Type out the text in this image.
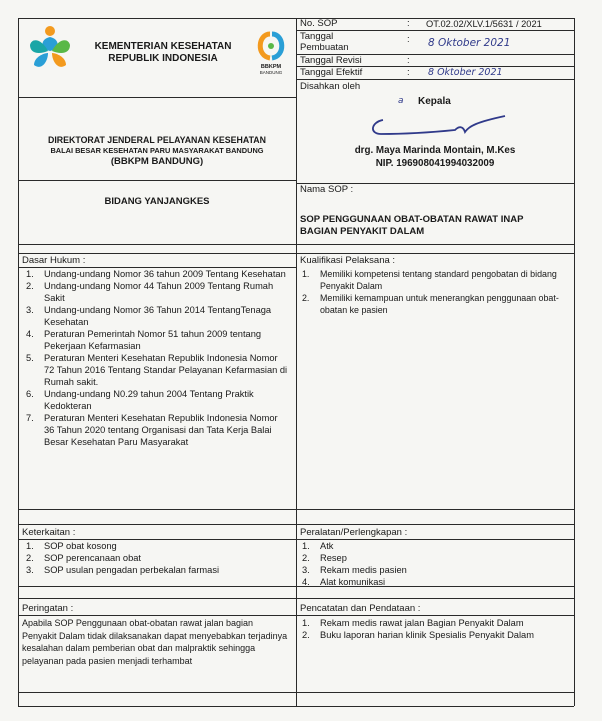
KEMENTERIAN KESEHATAN
REPUBLIK INDONESIA
BBKPM
BANDUNG
DIREKTORAT JENDERAL PELAYANAN KESEHATAN
BALAI BESAR KESEHATAN PARU MASYARAKAT BANDUNG
(BBKPM BANDUNG)
BIDANG YANJANGKES
No. SOP	: OT.02.02/XLV.1/5631 / 2021
Tanggal
Pembuatan
: 8 Oktober 2021
Tanggal Revisi	:
Tanggal Efektif	: 8 Oktober 2021
Disahkan oleh
a Kepala
drg. Maya Marinda Montain, M.Kes
NIP. 196908041994032009
Nama SOP :
SOP PENGGUNAAN OBAT-OBATAN RAWAT INAP
BAGIAN PENYAKIT DALAM
Dasar Hukum :
1.	Undang-undang Nomor 36 tahun 2009 Tentang Kesehatan
2.	Undang-undang Nomor 44 Tahun 2009 Tentang Rumah Sakit
3.	Undang-undang Nomor 36 Tahun 2014 TentangTenaga Kesehatan
4.	Peraturan Pemerintah Nomor 51 tahun 2009 tentang Pekerjaan Kefarmasian
5.	Peraturan Menteri Kesehatan Republik Indonesia Nomor 72 Tahun 2016 Tentang Standar Pelayanan Kefarmasian di Rumah sakit.
6.	Undang-undang N0.29 tahun 2004 Tentang Praktik Kedokteran
7.	Peraturan Menteri Kesehatan Republik Indonesia Nomor 36 Tahun 2020 tentang Organisasi dan Tata Kerja Balai Besar Kesehatan Paru Masyarakat
Kualifikasi Pelaksana :
1.	Memiliki kompetensi tentang standard pengobatan di bidang Penyakit Dalam
2.	Memiliki kemampuan untuk menerangkan penggunaan obat-obatan ke pasien
Keterkaitan :
1.	SOP obat kosong
2.	SOP perencanaan obat
3.	SOP usulan pengadan perbekalan farmasi
Peralatan/Perlengkapan :
1.	Atk
2.	Resep
3.	Rekam medis pasien
4.	Alat komunikasi
Peringatan :
Apabila SOP Penggunaan obat-obatan rawat jalan bagian Penyakit Dalam tidak dilaksanakan dapat menyebabkan terjadinya kesalahan dalam pemberian obat dan malpraktik sehingga pelayanan pada pasien menjadi terhambat
Pencatatan dan Pendataan :
1.	Rekam medis rawat jalan Bagian Penyakit Dalam
2.	Buku laporan harian klinik Spesialis Penyakit Dalam
